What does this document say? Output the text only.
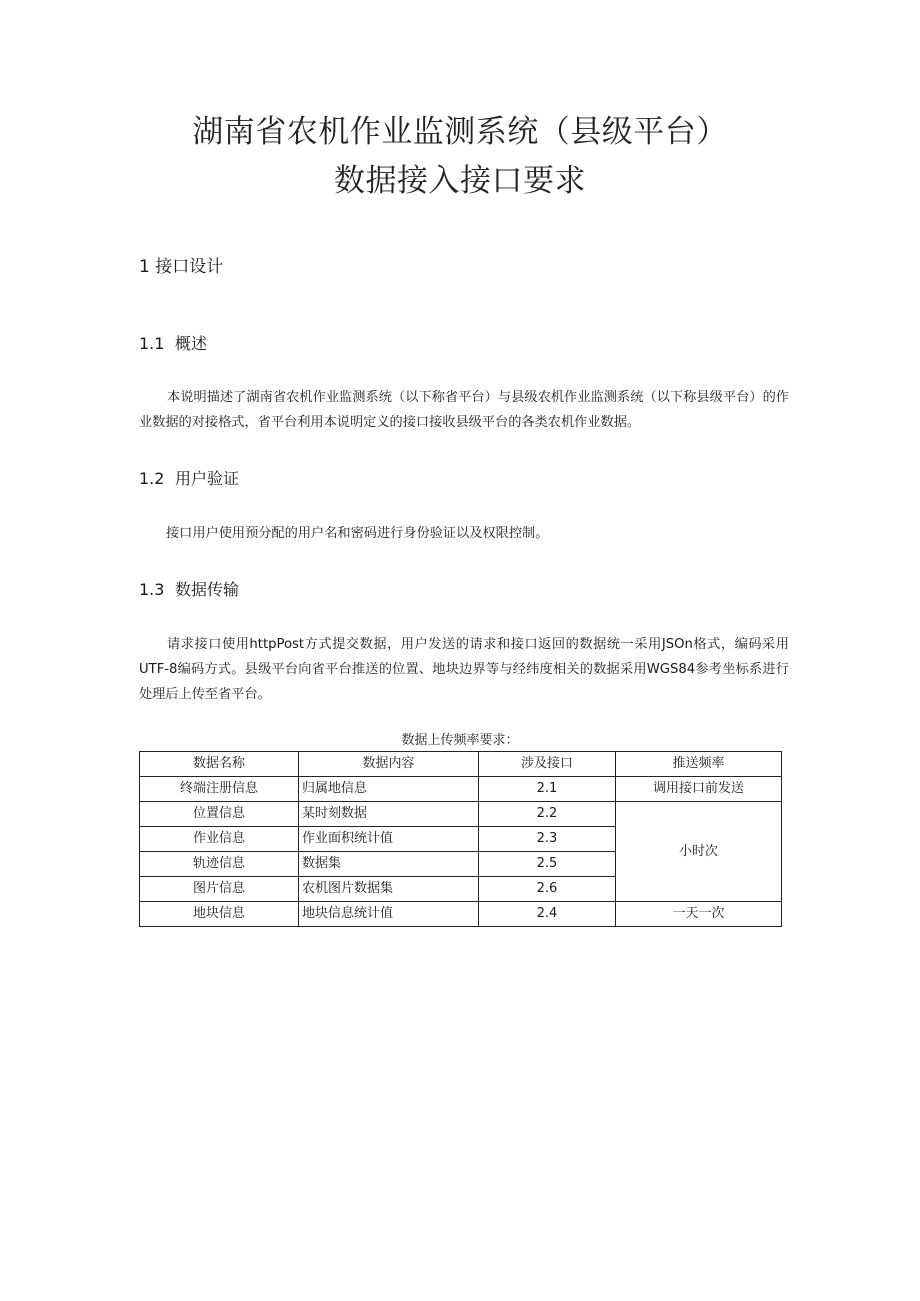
湖南省农机作业监测系统（县级平台）
数据接入接口要求
1 接口设计
1.1 概述
本说明描述了湖南省农机作业监测系统（以下称省平台）与县级农机作业监测系统（以下称县级平台）的作业数据的对接格式，省平台利用本说明定义的接口接收县级平台的各类农机作业数据。
1.2 用户验证
接口用户使用预分配的用户名和密码进行身份验证以及权限控制。
1.3 数据传输
请求接口使用httpPost方式提交数据，用户发送的请求和接口返回的数据统一采用JSOn格式，编码采用UTF-8编码方式。县级平台向省平台推送的位置、地块边界等与经纬度相关的数据采用WGS84参考坐标系进行处理后上传至省平台。
数据上传频率要求：
数据名称	数据内容	涉及接口	推送频率
终端注册信息	归属地信息	2.1	调用接口前发送
位置信息	某时刻数据	2.2	小时次
作业信息	作业面积统计值	2.3	
轨迹信息	数据集	2.5	
图片信息	农机图片数据集	2.6	
地块信息	地块信息统计值	2.4	一天一次
